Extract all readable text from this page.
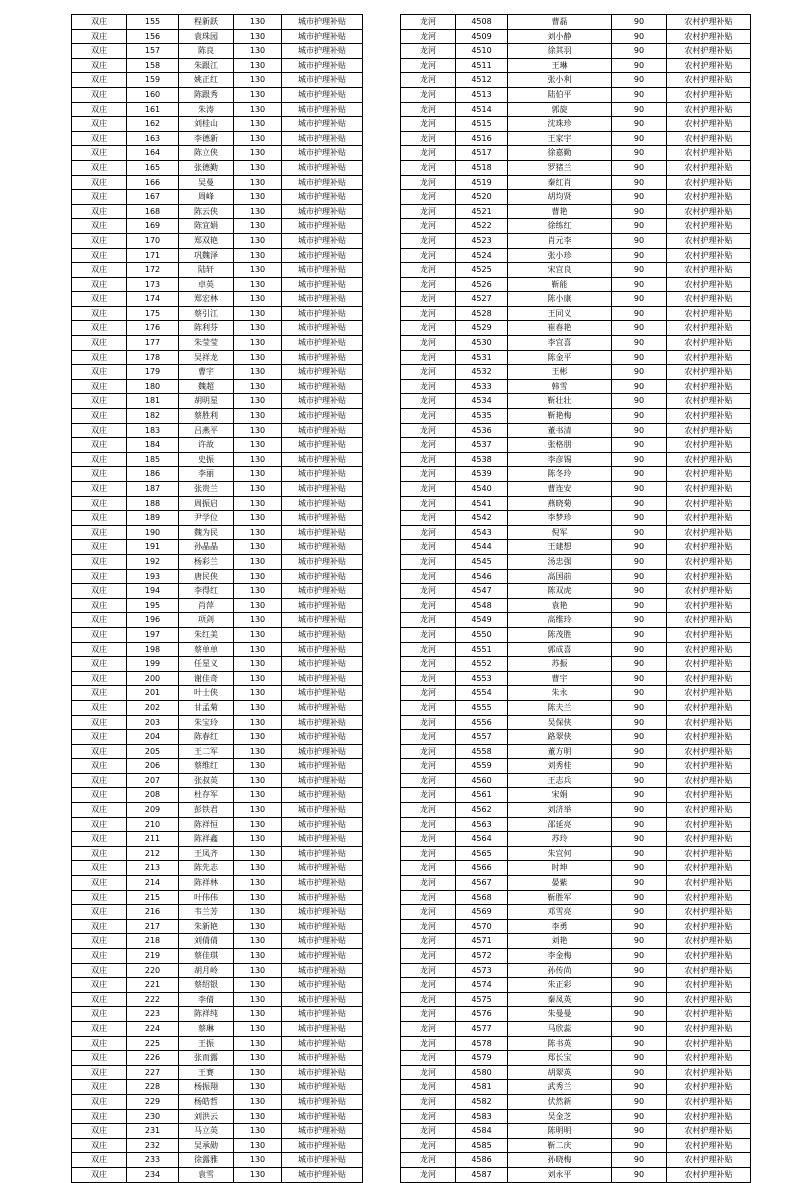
双庄	155	程新跃	130	城市护理补贴
双庄	156	袁珠园	130	城市护理补贴
双庄	157	陈良	130	城市护理补贴
双庄	158	朱跟江	130	城市护理补贴
双庄	159	姚正红	130	城市护理补贴
双庄	160	陈跟秀	130	城市护理补贴
双庄	161	朱涛	130	城市护理补贴
双庄	162	刘桂山	130	城市护理补贴
双庄	163	李德新	130	城市护理补贴
双庄	164	陈立侠	130	城市护理补贴
双庄	165	张德勤	130	城市护理补贴
双庄	166	吴曼	130	城市护理补贴
双庄	167	周峰	130	城市护理补贴
双庄	168	陈云侠	130	城市护理补贴
双庄	169	陈宜娟	130	城市护理补贴
双庄	170	郑双艳	130	城市护理补贴
双庄	171	巩魏泽	130	城市护理补贴
双庄	172	陆轩	130	城市护理补贴
双庄	173	卓英	130	城市护理补贴
双庄	174	郑宏林	130	城市护理补贴
双庄	175	蔡引江	130	城市护理补贴
双庄	176	陈利芬	130	城市护理补贴
双庄	177	朱莹莹	130	城市护理补贴
双庄	178	吴祥龙	130	城市护理补贴
双庄	179	曹宇	130	城市护理补贴
双庄	180	魏超	130	城市护理补贴
双庄	181	胡明星	130	城市护理补贴
双庄	182	蔡胜利	130	城市护理补贴
双庄	183	吕燕平	130	城市护理补贴
双庄	184	许故	130	城市护理补贴
双庄	185	史振	130	城市护理补贴
双庄	186	李丽	130	城市护理补贴
双庄	187	张贵兰	130	城市护理补贴
双庄	188	周振启	130	城市护理补贴
双庄	189	尹学位	130	城市护理补贴
双庄	190	魏为民	130	城市护理补贴
双庄	191	孙晶晶	130	城市护理补贴
双庄	192	杨彩兰	130	城市护理补贴
双庄	193	唐民侠	130	城市护理补贴
双庄	194	李得红	130	城市护理补贴
双庄	195	肖萍	130	城市护理补贴
双庄	196	项剑	130	城市护理补贴
双庄	197	朱红美	130	城市护理补贴
双庄	198	蔡单单	130	城市护理补贴
双庄	199	任星义	130	城市护理补贴
双庄	200	谢佳奇	130	城市护理补贴
双庄	201	叶士侠	130	城市护理补贴
双庄	202	甘孟菊	130	城市护理补贴
双庄	203	朱宝玲	130	城市护理补贴
双庄	204	陈春红	130	城市护理补贴
双庄	205	王二军	130	城市护理补贴
双庄	206	蔡维红	130	城市护理补贴
双庄	207	张叔英	130	城市护理补贴
双庄	208	杜存军	130	城市护理补贴
双庄	209	彭铁君	130	城市护理补贴
双庄	210	陈祥恒	130	城市护理补贴
双庄	211	陈祥鑫	130	城市护理补贴
双庄	212	王凤齐	130	城市护理补贴
双庄	213	陈先志	130	城市护理补贴
双庄	214	陈祥林	130	城市护理补贴
双庄	215	叶伟伟	130	城市护理补贴
双庄	216	韦兰芳	130	城市护理补贴
双庄	217	朱新艳	130	城市护理补贴
双庄	218	刘倩倩	130	城市护理补贴
双庄	219	蔡佳琪	130	城市护理补贴
双庄	220	胡月岭	130	城市护理补贴
双庄	221	蔡绍银	130	城市护理补贴
双庄	222	李倩	130	城市护理补贴
双庄	223	陈祥纯	130	城市护理补贴
双庄	224	蔡琳	130	城市护理补贴
双庄	225	王振	130	城市护理补贴
双庄	226	张而露	130	城市护理补贴
双庄	227	王赛	130	城市护理补贴
双庄	228	杨振翔	130	城市护理补贴
双庄	229	杨皓哲	130	城市护理补贴
双庄	230	刘洪云	130	城市护理补贴
双庄	231	马立英	130	城市护理补贴
双庄	232	吴承勋	130	城市护理补贴
双庄	233	徐露雅	130	城市护理补贴
双庄	234	袁雪	130	城市护理补贴
龙河	4508	曹磊	90	农村护理补贴
龙河	4509	刘小静	90	农村护理补贴
龙河	4510	徐其羽	90	农村护理补贴
龙河	4511	王琳	90	农村护理补贴
龙河	4512	张小利	90	农村护理补贴
龙河	4513	陆伯平	90	农村护理补贴
龙河	4514	郭旋	90	农村护理补贴
龙河	4515	沈珠珍	90	农村护理补贴
龙河	4516	王家宇	90	农村护理补贴
龙河	4517	徐嘉勤	90	农村护理补贴
龙河	4518	罗猪兰	90	农村护理补贴
龙河	4519	秦红肖	90	农村护理补贴
龙河	4520	胡均贤	90	农村护理补贴
龙河	4521	曹艳	90	农村护理补贴
龙河	4522	徐练红	90	农村护理补贴
龙河	4523	肖元李	90	农村护理补贴
龙河	4524	张小珍	90	农村护理补贴
龙河	4525	宋宜良	90	农村护理补贴
龙河	4526	靳能	90	农村护理补贴
龙河	4527	陈小康	90	农村护理补贴
龙河	4528	王同义	90	农村护理补贴
龙河	4529	崔春艳	90	农村护理补贴
龙河	4530	李宜喜	90	农村护理补贴
龙河	4531	陈金平	90	农村护理补贴
龙河	4532	王彬	90	农村护理补贴
龙河	4533	韩雪	90	农村护理补贴
龙河	4534	靳壮壮	90	农村护理补贴
龙河	4535	靳艳梅	90	农村护理补贴
龙河	4536	董书清	90	农村护理补贴
龙河	4537	张格朋	90	农村护理补贴
龙河	4538	李彦锡	90	农村护理补贴
龙河	4539	陈冬玲	90	农村护理补贴
龙河	4540	曹连安	90	农村护理补贴
龙河	4541	燕晓菊	90	农村护理补贴
龙河	4542	李梦珍	90	农村护理补贴
龙河	4543	倪军	90	农村护理补贴
龙河	4544	王建想	90	农村护理补贴
龙河	4545	汤忠强	90	农村护理补贴
龙河	4546	高国前	90	农村护理补贴
龙河	4547	陈双虎	90	农村护理补贴
龙河	4548	袁艳	90	农村护理补贴
龙河	4549	高维玲	90	农村护理补贴
龙河	4550	陈茂胜	90	农村护理补贴
龙河	4551	郭成喜	90	农村护理补贴
龙河	4552	苏振	90	农村护理补贴
龙河	4553	曹宇	90	农村护理补贴
龙河	4554	朱永	90	农村护理补贴
龙河	4555	陈夫兰	90	农村护理补贴
龙河	4556	吴保侠	90	农村护理补贴
龙河	4557	路翠侠	90	农村护理补贴
龙河	4558	董方明	90	农村护理补贴
龙河	4559	刘秀桂	90	农村护理补贴
龙河	4560	王志兵	90	农村护理补贴
龙河	4561	宋娟	90	农村护理补贴
龙河	4562	刘济举	90	农村护理补贴
龙河	4563	邵延亮	90	农村护理补贴
龙河	4564	苏玲	90	农村护理补贴
龙河	4565	朱宜何	90	农村护理补贴
龙河	4566	时坤	90	农村护理补贴
龙河	4567	晏紫	90	农村护理补贴
龙河	4568	靳胜军	90	农村护理补贴
龙河	4569	邓雪亮	90	农村护理补贴
龙河	4570	李勇	90	农村护理补贴
龙河	4571	刘艳	90	农村护理补贴
龙河	4572	李金梅	90	农村护理补贴
龙河	4573	孙传尚	90	农村护理补贴
龙河	4574	朱正彩	90	农村护理补贴
龙河	4575	秦凤英	90	农村护理补贴
龙河	4576	朱曼曼	90	农村护理补贴
龙河	4577	马欣蕊	90	农村护理补贴
龙河	4578	陈书英	90	农村护理补贴
龙河	4579	郑长宝	90	农村护理补贴
龙河	4580	胡翠英	90	农村护理补贴
龙河	4581	武秀兰	90	农村护理补贴
龙河	4582	伏然新	90	农村护理补贴
龙河	4583	吴金芝	90	农村护理补贴
龙河	4584	陈明明	90	农村护理补贴
龙河	4585	靳二庆	90	农村护理补贴
龙河	4586	孙晓梅	90	农村护理补贴
龙河	4587	刘永平	90	农村护理补贴
